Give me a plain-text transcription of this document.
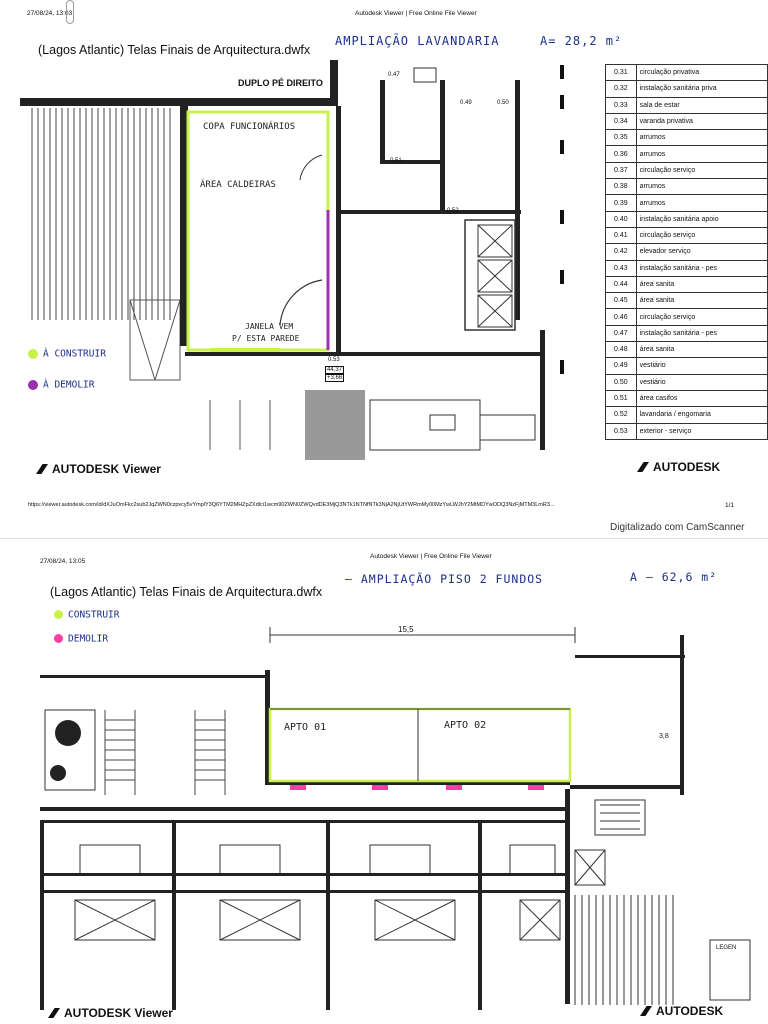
27/08/24, 13:03	Autodesk Viewer | Free Online File Viewer
(Lagos Atlantic) Telas Finais de Arquitectura.dwfx
AMPLIAÇÃO LAVANDARIA	A= 28,2 m²
DUPLO PÉ DIREITO
0.47
0.49	0.50
0.51
0.52
0.53
44,37
+3,66
COPA FUNCIONÁRIOS
ÁREA CALDEIRAS
JANELA VEM
P/ ESTA PAREDE
À CONSTRUIR
À DEMOLIR
0.31	circulação privativa
0.32	instalação sanitária priva
0.33	sala de estar
0.34	varanda privativa
0.35	arrumos
0.36	arrumos
0.37	circulação serviço
0.38	arrumos
0.39	arrumos
0.40	instalação sanitária apoio
0.41	circulação serviço
0.42	elevador serviço
0.43	instalação sanitária - pes
0.44	área sanita
0.45	área sanita
0.46	circulação serviço
0.47	instalação sanitária - pes
0.48	área sanita
0.49	vestiário
0.50	vestiário
0.51	área casifos
0.52	lavandaria / engomaria
0.53	exterior - serviço
AUTODESK Viewer	AUTODESK
https://viewer.autodesk.com/id/dXJuOmFkc2sub2JqZWN0czpvcy5vYmplY3Q6YTM2MHZpZXdlci1wcm90ZWN0ZWQvdDE3MjQ3NTk1NTNfNTk3NjA2NjUtYWRmMy00MzYwLWJhY2MtMDYwODQ3NzFjMTM3LmR3...	1/1
Digitalizado com CamScanner
27/08/24, 13:05
Autodesk Viewer | Free Online File Viewer
(Lagos Atlantic) Telas Finais de Arquitectura.dwfx
— AMPLIAÇÃO PISO 2 FUNDOS	A — 62,6 m²
CONSTRUIR
DEMOLIR
15,5
APTO 01	APTO 02
3,8
LEGEN
AUTODESK Viewer	AUTODESK
